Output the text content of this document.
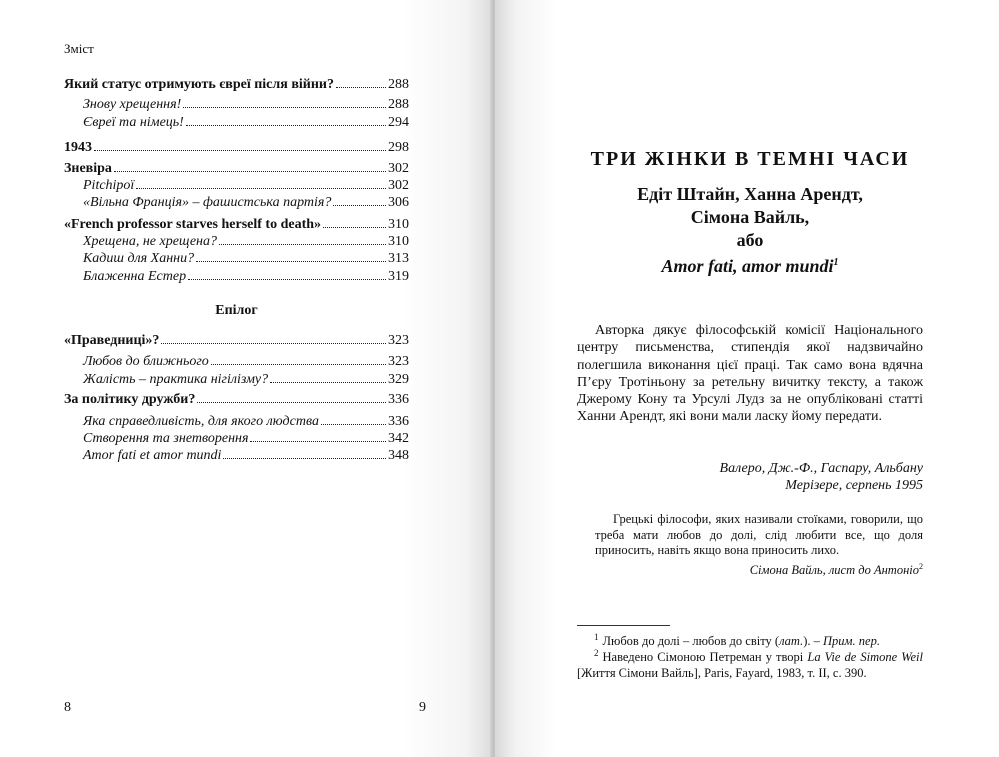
Зміст
Який статус отримують євреї після війни?	288
Знову хрещення!	288
Євреї та німець!	294
1943	298
Зневіра	302
Pitchipoï	302
«Вільна Франція» – фашистська партія?	306
«French professor starves herself to death»	310
Хрещена, не хрещена?	310
Кадиш для Ханни?	313
Блаженна Естер	319
«Праведниці»?	323
Любов до ближнього	323
Жалість – практика нігілізму?	329
За політику дружби?	336
Яка справедливість, для якого людства	336
Створення та знетворення	342
Amor fati et amor mundi	348
Епілог
8
ТРИ ЖІНКИ В ТЕМНІ ЧАСИ
Едіт Штайн, Ханна Арендт,
Сімона Вайль,
або
Amor fati, amor mundi$^1$

Авторка дякує філософській комісії Національного центру письменства, стипендія якої надзвичайно полегшила виконання цієї праці. Так само вона вдячна П’єру Тротіньону за ретельну вичитку тексту, а також Джерому Кону та Урсулі Лудз за не опубліковані статті Ханни Арендт, які вони мали ласку йому передати.

Валеро, Дж.-Ф., Гаспару, Альбану
Мерізере, серпень 1995

Грецькі філософи, яких називали стоїками, говорили, що треба мати любов до долі, слід любити все, що доля приносить, навіть якщо вона приносить лихо.

Сімона Вайль, лист до Антоніо$^2$
$^1$ Любов до долі – любов до світу (лат.). – Прим. пер.
$^2$ Наведено Сімоною Петреман у творі La Vie de Simone Weil [Життя Сімони Вайль], Paris, Fayard, 1983, т. II, с. 390.
9
